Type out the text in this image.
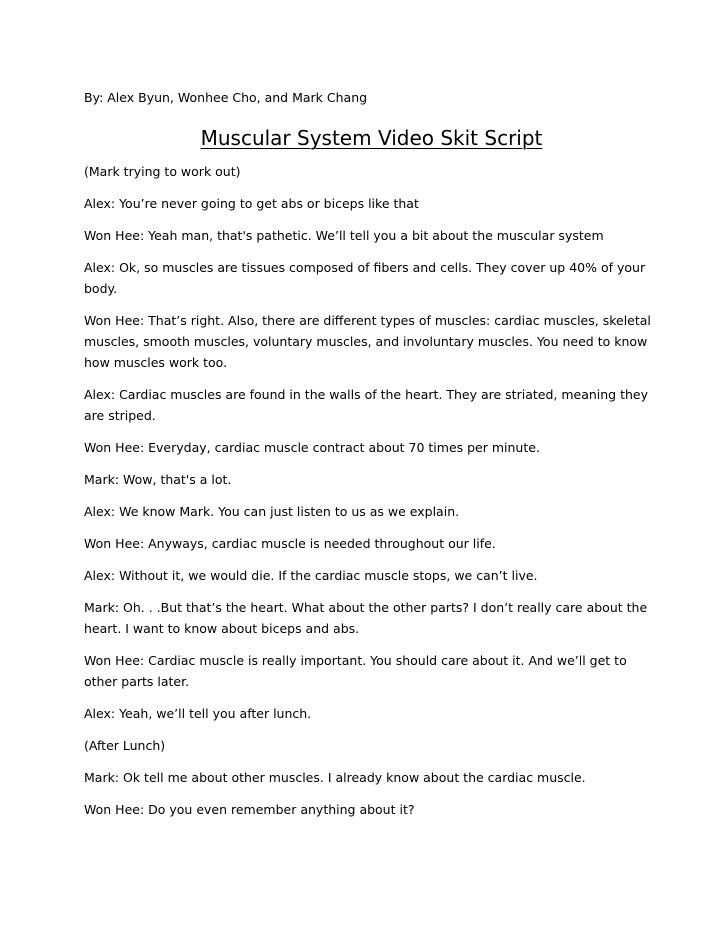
By: Alex Byun, Wonhee Cho, and Mark Chang

Muscular System Video Skit Script

(Mark trying to work out)

Alex: You’re never going to get abs or biceps like that

Won Hee: Yeah man, that's pathetic. We’ll tell you a bit about the muscular system

Alex: Ok, so muscles are tissues composed of fibers and cells. They cover up 40% of your body.

Won Hee: That’s right. Also, there are different types of muscles: cardiac muscles, skeletal muscles, smooth muscles, voluntary muscles, and involuntary muscles. You need to know how muscles work too.

Alex: Cardiac muscles are found in the walls of the heart. They are striated, meaning they are striped.

Won Hee: Everyday, cardiac muscle contract about 70 times per minute.

Mark: Wow, that's a lot.

Alex: We know Mark. You can just listen to us as we explain.

Won Hee: Anyways, cardiac muscle is needed throughout our life.

Alex: Without it, we would die. If the cardiac muscle stops, we can’t live.

Mark: Oh. . .But that’s the heart. What about the other parts? I don’t really care about the heart. I want to know about biceps and abs.

Won Hee: Cardiac muscle is really important. You should care about it. And we’ll get to other parts later.

Alex: Yeah, we’ll tell you after lunch.

(After Lunch)

Mark: Ok tell me about other muscles. I already know about the cardiac muscle.

Won Hee: Do you even remember anything about it?
